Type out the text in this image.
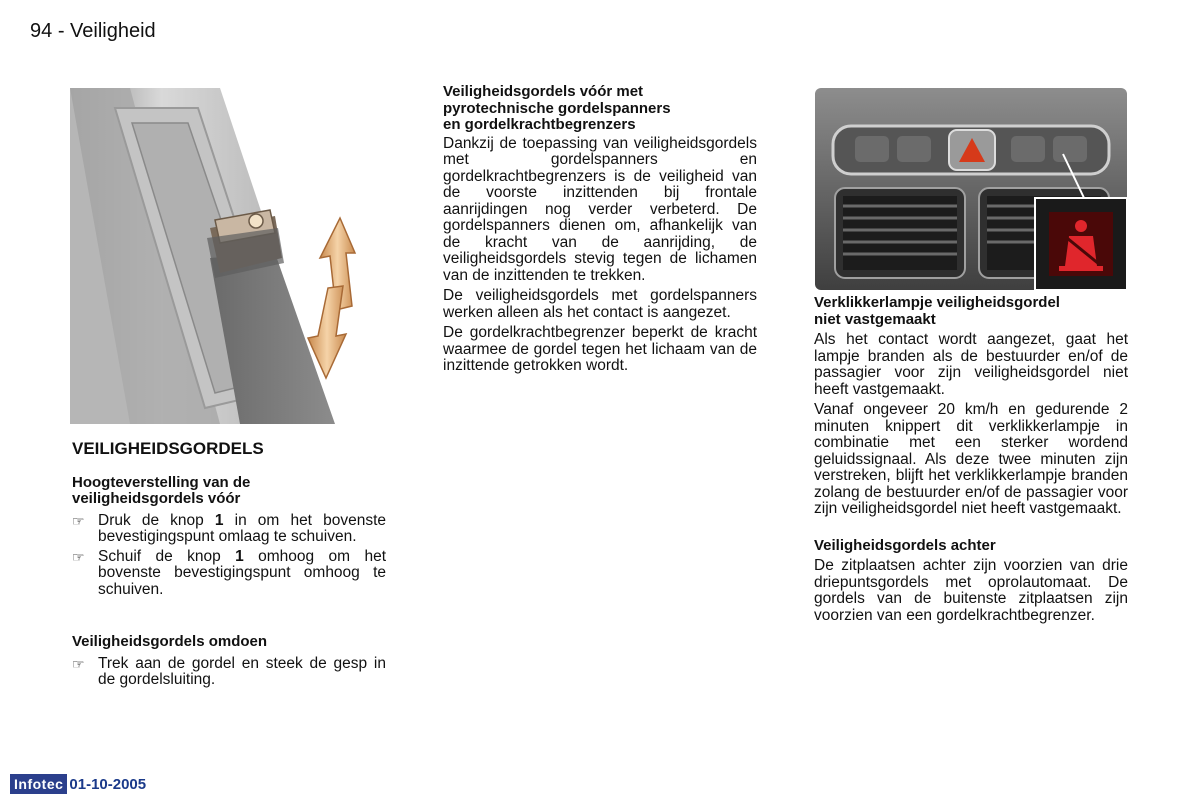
94 - Veiligheid
VEILIGHEIDSGORDELS
Hoogteverstelling van de
veiligheidsgordels vóór
☞ Druk de knop 1 in om het bovenste bevestigingspunt omlaag te schuiven.
☞ Schuif de knop 1 omhoog om het bovenste bevestigingspunt omhoog te schuiven.
Veiligheidsgordels omdoen
☞ Trek aan de gordel en steek de gesp in de gordelsluiting.
Veiligheidsgordels vóór met
pyrotechnische gordelspanners
en gordelkrachtbegrenzers

Dankzij de toepassing van veiligheidsgordels met gordelspanners en gordelkrachtbegrenzers is de veiligheid van de voorste inzittenden bij frontale aanrijdingen nog verder verbeterd. De gordelspanners dienen om, afhankelijk van de kracht van de aanrijding, de veiligheidsgordels stevig tegen de lichamen van de inzittenden te trekken.

De veiligheidsgordels met gordelspanners werken alleen als het contact is aangezet.

De gordelkrachtbegrenzer beperkt de kracht waarmee de gordel tegen het lichaam van de inzittende getrokken wordt.

Verklikkerlampje veiligheidsgordel
niet vastgemaakt

Als het contact wordt aangezet, gaat het lampje branden als de bestuurder en/of de passagier voor zijn veiligheidsgordel niet heeft vastgemaakt.

Vanaf ongeveer 20 km/h en gedurende 2 minuten knippert dit verklikkerlampje in combinatie met een sterker wordend geluidssignaal. Als deze twee minuten zijn verstreken, blijft het verklikkerlampje branden zolang de bestuurder en/of de passagier voor zijn veiligheidsgordel niet heeft vastgemaakt.

Veiligheidsgordels achter

De zitplaatsen achter zijn voorzien van drie driepuntsgordels met oprolautomaat. De gordels van de buitenste zitplaatsen zijn voorzien van een gordelkrachtbegrenzer.

Infotec 01-10-2005
